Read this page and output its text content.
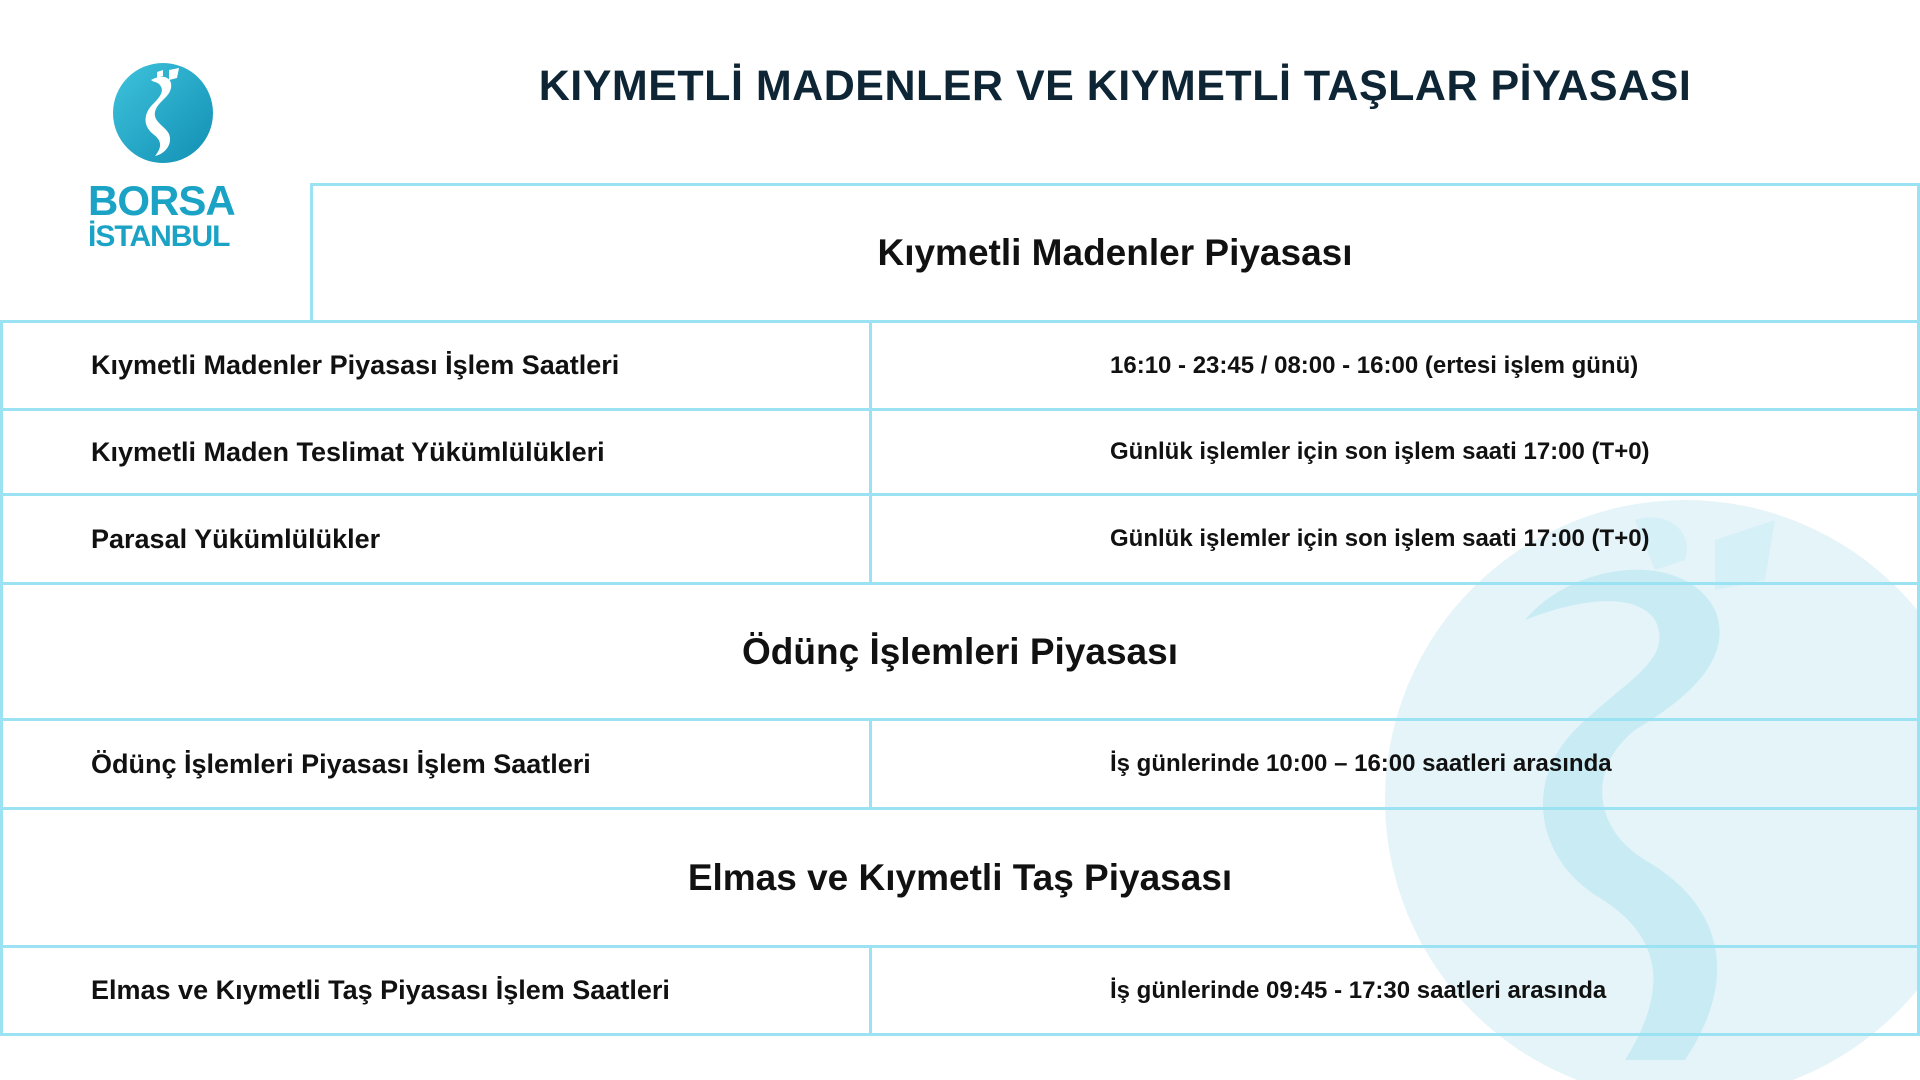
BORSA
İSTANBUL
KIYMETLİ MADENLER VE KIYMETLİ TAŞLAR PİYASASI
Kıymetli Madenler Piyasası
Kıymetli Madenler Piyasası İşlem Saatleri	16:10 - 23:45 / 08:00 - 16:00 (ertesi işlem günü)
Kıymetli Maden Teslimat Yükümlülükleri	Günlük işlemler için son işlem saati 17:00 (T+0)
Parasal Yükümlülükler	Günlük işlemler için son işlem saati 17:00 (T+0)
Ödünç İşlemleri Piyasası
Ödünç İşlemleri Piyasası İşlem Saatleri	İş günlerinde 10:00 – 16:00 saatleri arasında
Elmas ve Kıymetli Taş Piyasası
Elmas ve Kıymetli Taş Piyasası İşlem Saatleri	İş günlerinde 09:45 - 17:30 saatleri arasında
